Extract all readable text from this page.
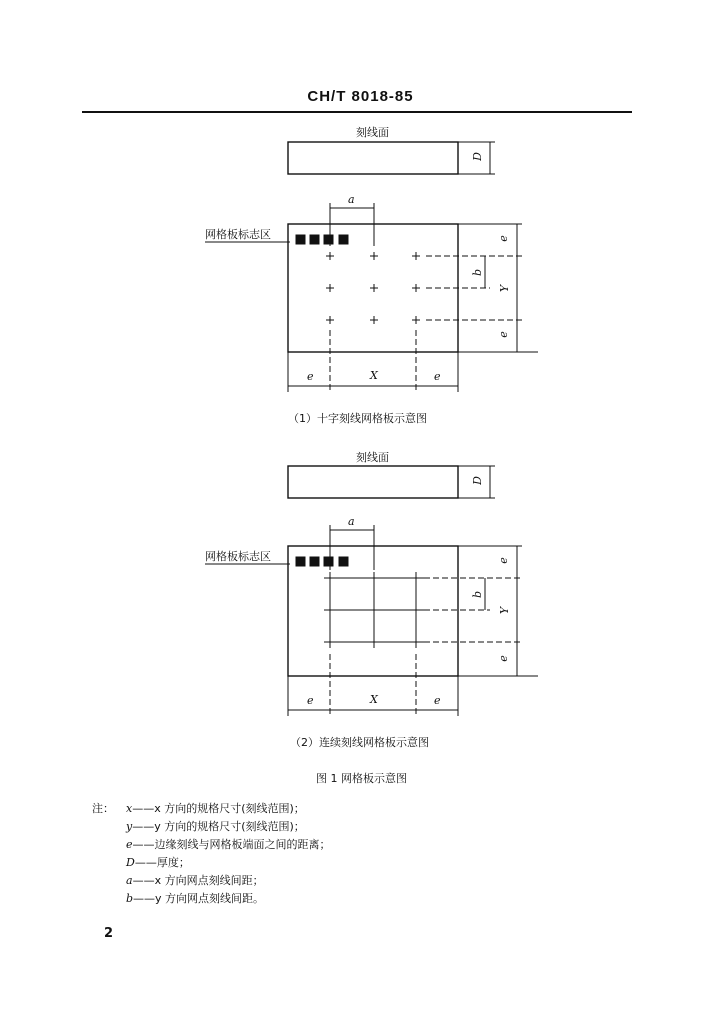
CH/T 8018-85
刻线面
网格板标志区
D
a
b
e
Y
e
e	X	e
（1）十字刻线网格板示意图
刻线面
网格板标志区
D
a
b
e
Y
e
e	X	e
（2）连续刻线网格板示意图
图 1 网格板示意图
注： x——x 方向的规格尺寸(刻线范围)；
y——y 方向的规格尺寸(刻线范围)；
e——边缘刻线与网格板端面之间的距离；
D——厚度；
a——x 方向网点刻线间距；
b——y 方向网点刻线间距。
2
